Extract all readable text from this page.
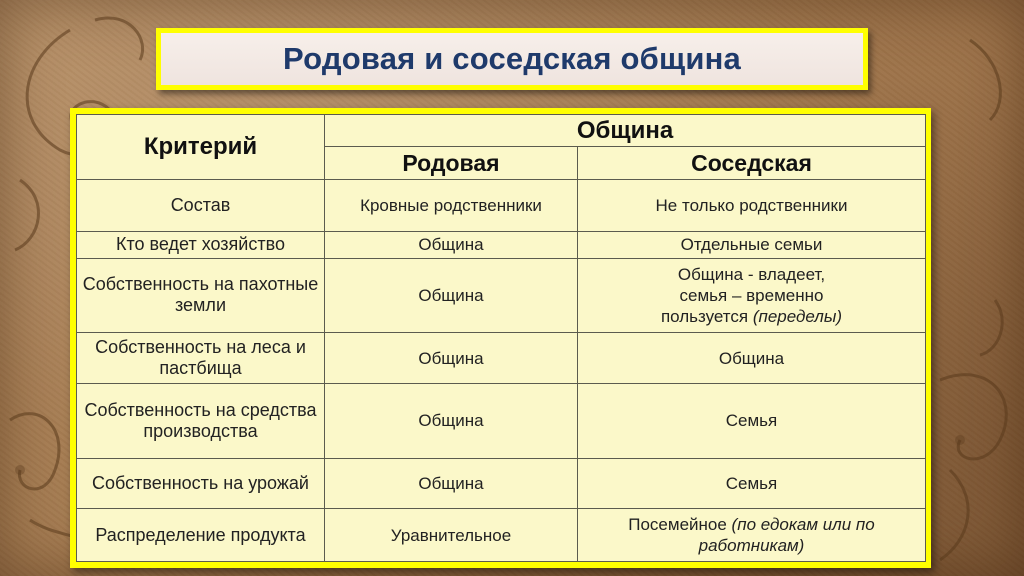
Родовая и соседская община
Критерий	Община	
	Родовая	Соседская
Состав	Кровные родственники	Не только родственники
Кто ведет хозяйство	Община	Отдельные семьи
Собственность на пахотные земли	Община	Община - владеет,
семья – временно
пользуется (переделы)
Собственность на леса и пастбища	Община	Община
Собственность на средства производства	Община	Семья
Собственность на урожай	Община	Семья
Распределение продукта	Уравнительное	Посемейное (по едокам или по работникам)
